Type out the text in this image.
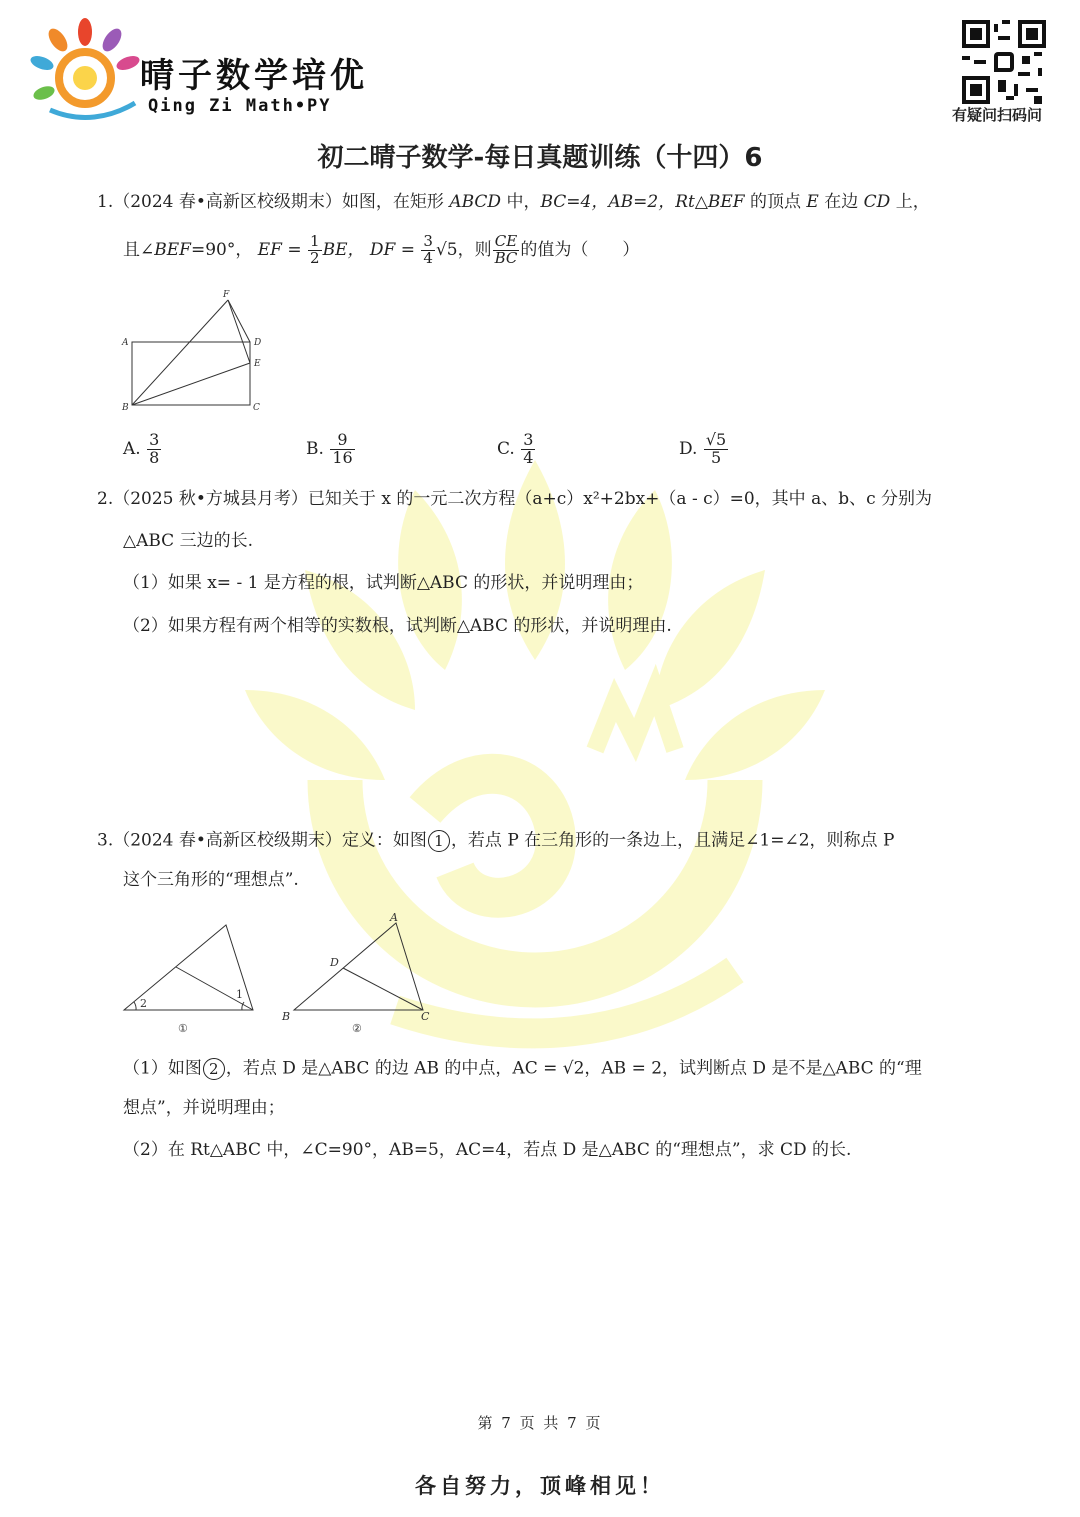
晴子数学培优
Qing Zi Math•PY	有疑问扫码问
初二晴子数学-每日真题训练（十四）6
1.（2024 春•高新区校级期末）如图，在矩形 ABCD 中，BC=4，AB=2，Rt△BEF 的顶点 E 在边 CD 上，
且∠BEF=90°， EF = $\frac{1}{2}$ BE， DF = $\frac{3}{4} √5$，则 $\frac{CE}{BC}$ 的值为（　　）
A
B	C
D
E
F
A. $\frac{3}{8}$	B. $\frac{9}{16}$	C. $\frac{3}{4}$	D. $\frac{√5}{5}$
2.（2025 秋•方城县月考）已知关于 x 的一元二次方程（a+c）x²+2bx+（a - c）=0，其中 a、b、c 分别为
△ABC 三边的长.
（1）如果 x= - 1 是方程的根，试判断△ABC 的形状，并说明理由；
（2）如果方程有两个相等的实数根，试判断△ABC 的形状，并说明理由.
3.（2024 春•高新区校级期末）定义：如图 1 ，若点 P 在三角形的一条边上，且满足∠1=∠2，则称点 P
这个三角形的“理想点”.
2
1
①	②
A
B	C
D
（1）如图 2 ，若点 D 是△ABC 的边 AB 的中点，AC = √2，AB = 2，试判断点 D 是不是△ABC 的“理
想点”，并说明理由；
（2）在 Rt△ABC 中，∠C=90°，AB=5，AC=4，若点 D 是△ABC 的“理想点”，求 CD 的长.
第 7 页 共 7 页
各自努力，顶峰相见！
